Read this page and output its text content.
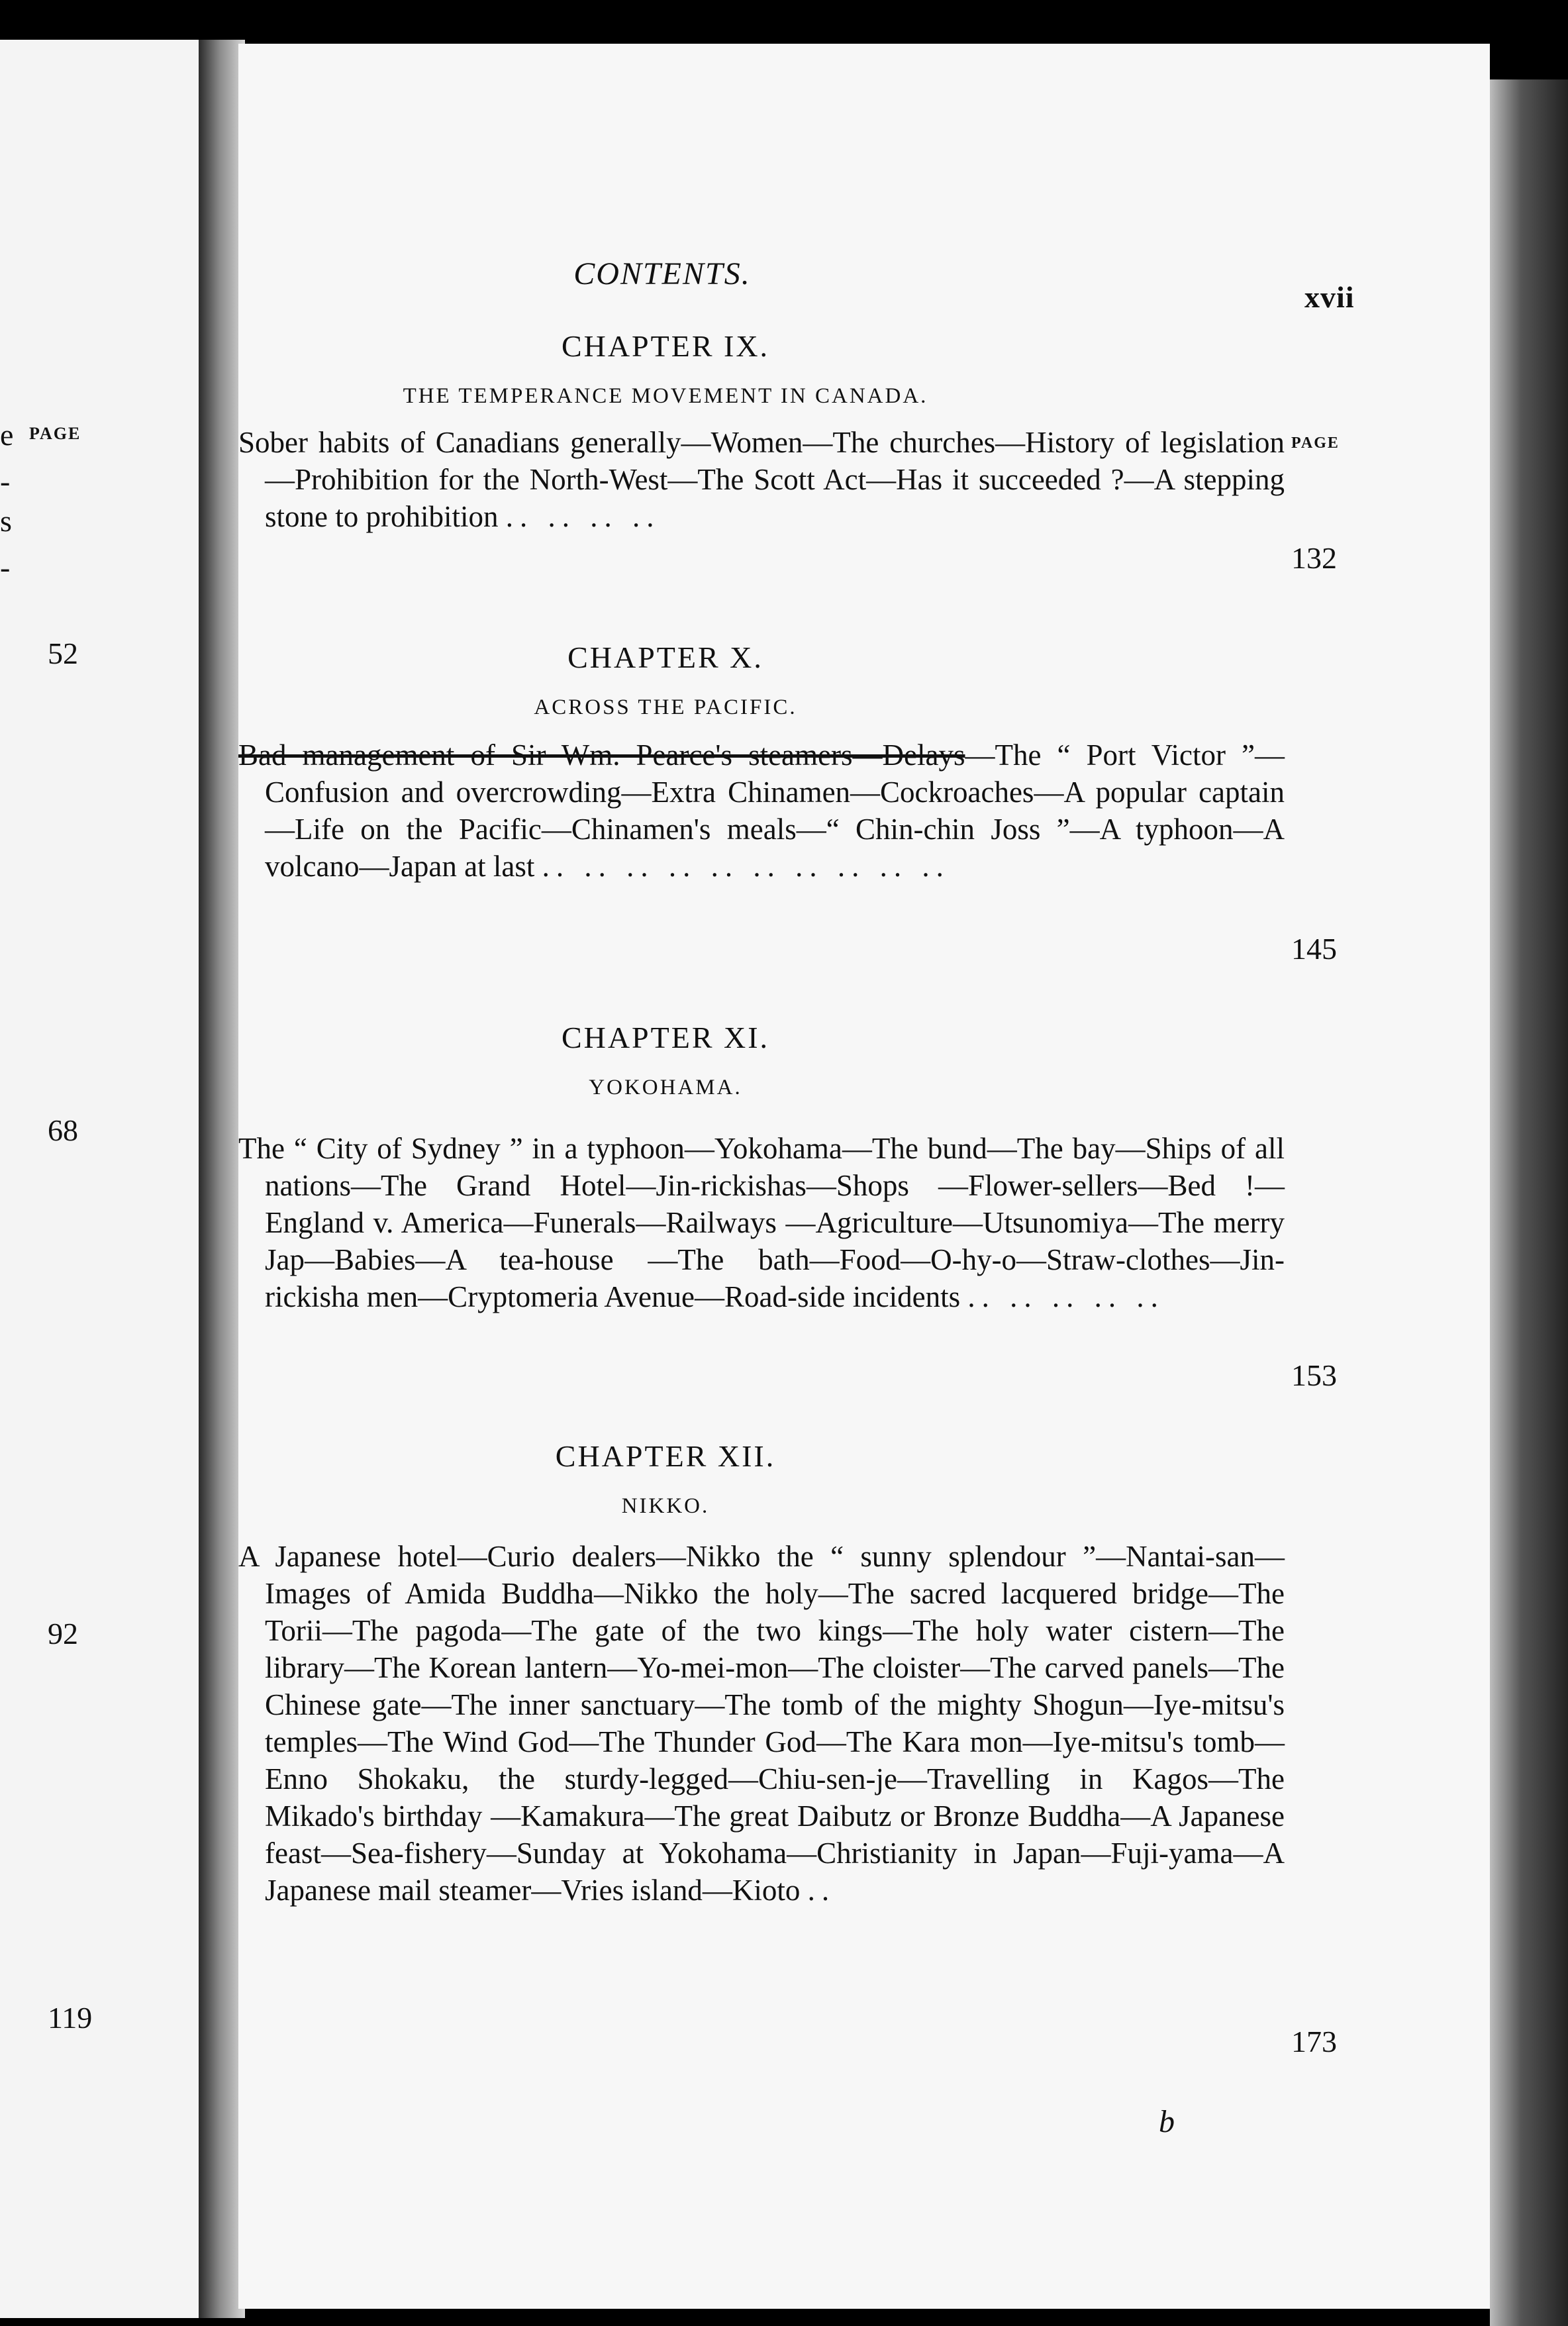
PAGE
e
-
s
-
52
68
92
119
CONTENTS.
xvii
CHAPTER IX.
THE TEMPERANCE MOVEMENT IN CANADA.
PAGE

Sober habits of Canadians generally—Women—The churches—History of legislation—Prohibition for the North-West—The Scott Act—Has it succeeded ?—A stepping stone to prohibition .. .. .. ..

132
CHAPTER X.
ACROSS THE PACIFIC.

Bad management of Sir Wm. Pearce's steamers—Delays—The “ Port Victor ”—Confusion and overcrowding—Extra Chinamen—Cockroaches—A popular captain—Life on the Pacific—Chinamen's meals—“ Chin-chin Joss ”—A typhoon—A volcano—Japan at last .. .. .. .. .. .. .. .. .. ..

145
CHAPTER XI.
YOKOHAMA.

The “ City of Sydney ” in a typhoon—Yokohama—The bund—The bay—Ships of all nations—The Grand Hotel—Jin-rickishas—Shops —Flower-sellers—Bed !—England v. America—Funerals—Railways —Agriculture—Utsunomiya—The merry Jap—Babies—A tea-house —The bath—Food—O-hy-o—Straw-clothes—Jin-rickisha men—Cryptomeria Avenue—Road-side incidents .. .. .. .. ..

153
CHAPTER XII.
NIKKO.

A Japanese hotel—Curio dealers—Nikko the “ sunny splendour ”—Nantai-san—Images of Amida Buddha—Nikko the holy—The sacred lacquered bridge—The Torii—The pagoda—The gate of the two kings—The holy water cistern—The library—The Korean lantern—Yo-mei-mon—The cloister—The carved panels—The Chinese gate—The inner sanctuary—The tomb of the mighty Shogun—Iye-mitsu's temples—The Wind God—The Thunder God—The Kara mon—Iye-mitsu's tomb—Enno Shokaku, the sturdy-legged—Chiu-sen-je—Travelling in Kagos—The Mikado's birthday —Kamakura—The great Daibutz or Bronze Buddha—A Japanese feast—Sea-fishery—Sunday at Yokohama—Christianity in Japan—Fuji-yama—A Japanese mail steamer—Vries island—Kioto ..

173
b
